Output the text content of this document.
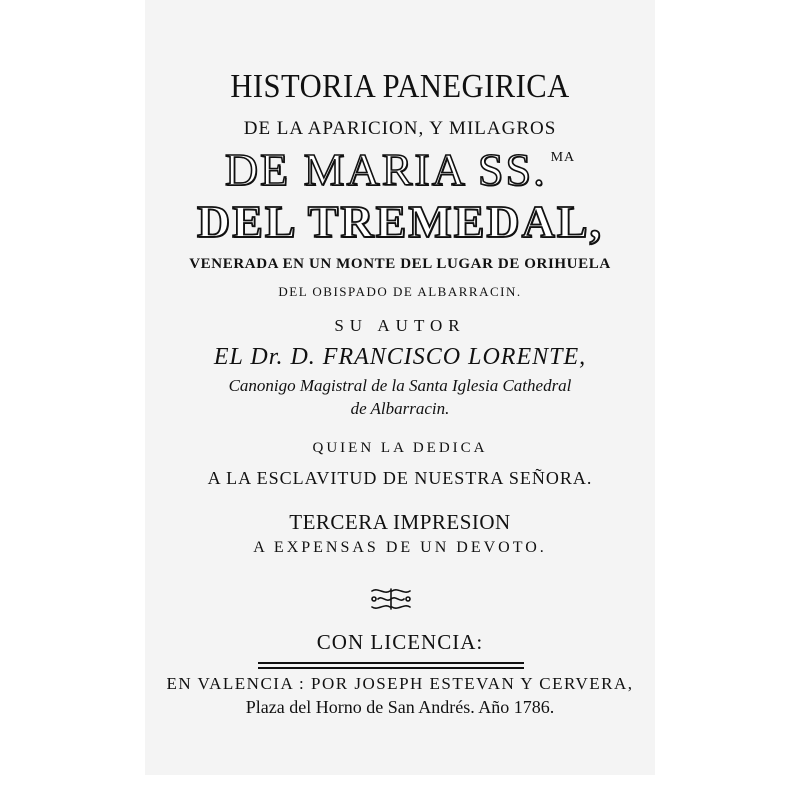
HISTORIA PANEGIRICA
DE LA APARICION, Y MILAGROS
DE MARIA SS. $^{MA}$
DEL TREMEDAL,
VENERADA EN UN MONTE DEL LUGAR DE ORIHUELA
DEL OBISPADO DE ALBARRACIN.
SU AUTOR
EL Dr. D. FRANCISCO LORENTE,
Canonigo Magistral de la Santa Iglesia Cathedral
de Albarracin.
QUIEN LA DEDICA
A LA ESCLAVITUD DE NUESTRA SEÑORA.
TERCERA IMPRESION
A EXPENSAS DE UN DEVOTO.
CON LICENCIA:
EN VALENCIA : POR JOSEPH ESTEVAN Y CERVERA,
Plaza del Horno de San Andrés. Año 1786.
